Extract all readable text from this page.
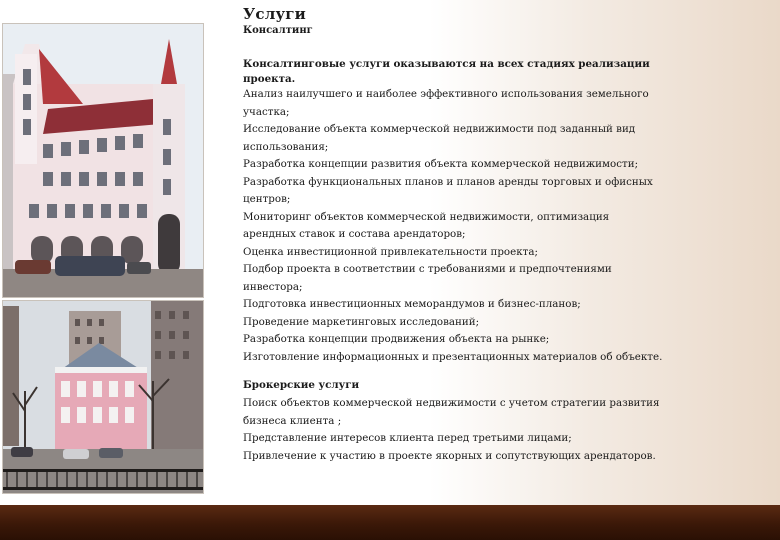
Услуги
Консалтинг

Консалтинговые услуги оказываются на всех стадиях реализации проекта.

Анализ наилучшего и наиболее эффективного использования земельного участка;

Исследование объекта коммерческой недвижимости под заданный вид использования;

Разработка концепции развития объекта коммерческой недвижимости;

Разработка функциональных планов и планов аренды торговых и офисных центров;

Мониторинг объектов коммерческой недвижимости, оптимизация арендных ставок и состава арендаторов;

Оценка инвестиционной привлекательности проекта;

Подбор проекта в соответствии с требованиями и предпочтениями инвестора;

Подготовка инвестиционных меморандумов и бизнес-планов;

Проведение маркетинговых исследований;

Разработка концепции продвижения объекта на рынке;

Изготовление информационных и презентационных материалов об объекте.

Брокерские услуги

Поиск объектов коммерческой недвижимости с учетом стратегии развития бизнеса клиента ;

Представление интересов клиента перед третьими лицами;

Привлечение к участию в проекте якорных и сопутствующих арендаторов.
